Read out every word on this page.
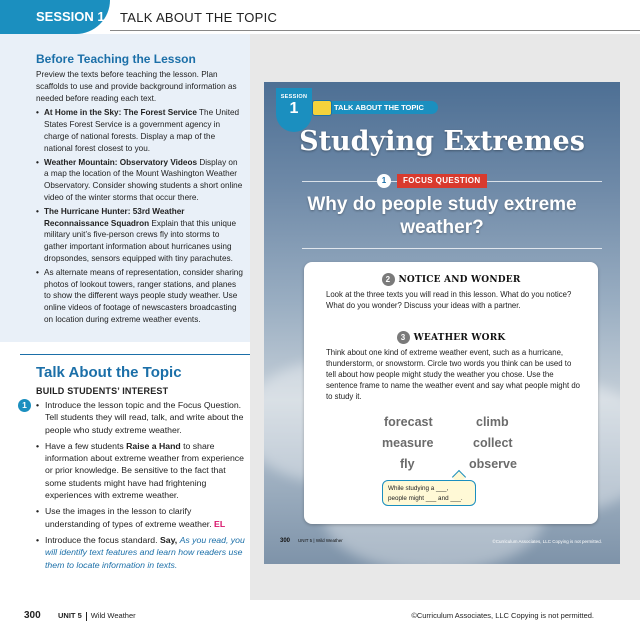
SESSION 1	TALK ABOUT THE TOPIC
Before Teaching the Lesson

Preview the texts before teaching the lesson. Plan scaffolds to use and provide background information as needed before reading each text.

• At Home in the Sky: The Forest Service The United States Forest Service is a government agency in charge of national forests. Display a map of the national forest closest to you.
• Weather Mountain: Observatory Videos Display on a map the location of the Mount Washington Weather Observatory. Consider showing students a short online video of the winter storms that occur there.
• The Hurricane Hunter: 53rd Weather Reconnaissance Squadron Explain that this unique military unit’s five-person crews fly into storms to gather important information about hurricanes using dropsondes, sensors equipped with tiny parachutes.
• As alternate means of representation, consider sharing photos of lookout towers, ranger stations, and planes to show the different ways people study weather. Use online videos of footage of newscasters broadcasting on location during extreme weather events.
Talk About the Topic
BUILD STUDENTS’ INTEREST
1
•	Introduce the lesson topic and the Focus Question. Tell students they will read, talk, and write about the people who study extreme weather.
• Have a few students Raise a Hand to share information about extreme weather from experience or prior knowledge. Be sensitive to the fact that some students might have had frightening experiences with extreme weather.
• Use the images in the lesson to clarify understanding of types of extreme weather. EL
• Introduce the focus standard. Say, As you read, you will identify text features and learn how readers use them to locate information in texts.
SESSION
1	TALK ABOUT THE TOPIC
Studying Extremes
1	FOCUS QUESTION
Why do people study extreme weather?
2 NOTICE AND WONDER
Look at the three texts you will read in this lesson. What do you notice? What do you wonder? Discuss your ideas with a partner.
3 WEATHER WORK
Think about one kind of extreme weather event, such as a hurricane, thunderstorm, or snowstorm. Circle two words you think can be used to tell about how people might study the weather you chose. Use the sentence frame to name the weather event and say what people might do to study it.
forecast	climb
measure	collect
fly	observe
While studying a ___,
people might ___ and ___.
300 UNIT 5 | Wild Weather	©Curriculum Associates, LLC Copying is not permitted.
300 UNIT 5 Wild Weather	©Curriculum Associates, LLC Copying is not permitted.
